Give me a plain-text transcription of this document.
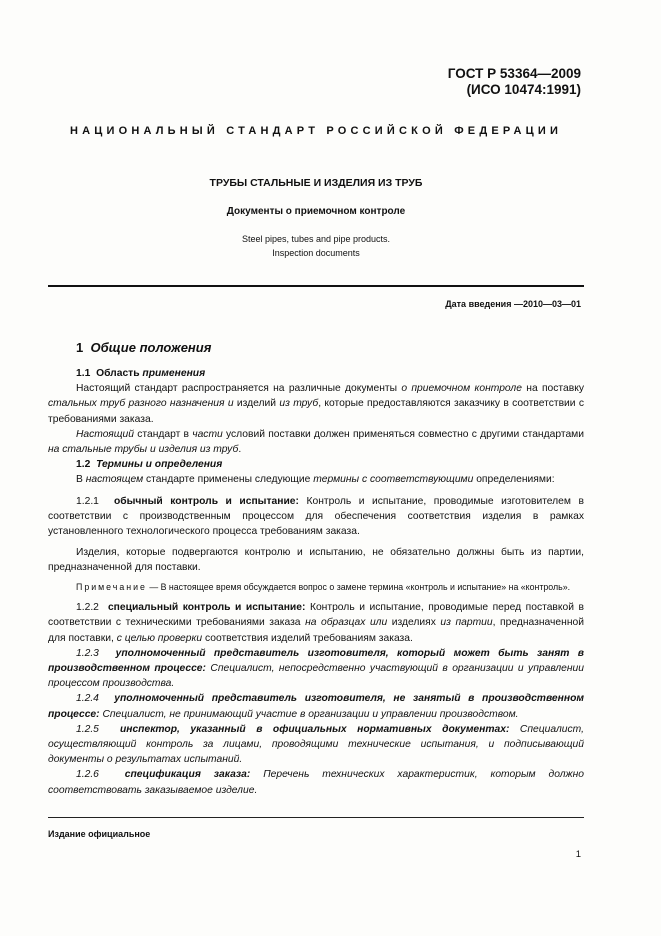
ГОСТ Р 53364—2009
(ИСО 10474:1991)
НАЦИОНАЛЬНЫЙ СТАНДАРТ РОССИЙСКОЙ ФЕДЕРАЦИИ
ТРУБЫ СТАЛЬНЫЕ И ИЗДЕЛИЯ ИЗ ТРУБ
Документы о приемочном контроле
Steel pipes, tubes and pipe products.
Inspection documents
Дата введения —2010—03—01
1 Общие положения

1.1 Область применения

Настоящий стандарт распространяется на различные документы о приемочном контроле на поставку стальных труб разного назначения и изделий из труб, которые предоставляются заказчику в соответствии с требованиями заказа.

Настоящий стандарт в части условий поставки должен применяться совместно с другими стандартами на стальные трубы и изделия из труб.

1.2 Термины и определения

В настоящем стандарте применены следующие термины с соответствующими определениями:

1.2.1 обычный контроль и испытание: Контроль и испытание, проводимые изготовителем в соответствии с производственным процессом для обеспечения соответствия изделия в рамках установленного технологического процесса требованиям заказа.

Изделия, которые подвергаются контролю и испытанию, не обязательно должны быть из партии, предназначенной для поставки.

Примечание — В настоящее время обсуждается вопрос о замене термина «контроль и испытание» на «контроль».

1.2.2 специальный контроль и испытание: Контроль и испытание, проводимые перед поставкой в соответствии с техническими требованиями заказа на образцах или изделиях из партии, предназначенной для поставки, с целью проверки соответствия изделий требованиям заказа.

1.2.3 уполномоченный представитель изготовителя, который может быть занят в производственном процессе: Специалист, непосредственно участвующий в организации и управлении процессом производства.

1.2.4 уполномоченный представитель изготовителя, не занятый в производственном процессе: Специалист, не принимающий участие в организации и управлении производством.

1.2.5 инспектор, указанный в официальных нормативных документах: Специалист, осуществляющий контроль за лицами, проводящими технические испытания, и подписывающий документы о результатах испытаний.

1.2.6	спецификация заказа: Перечень технических характеристик, которым должно соответствовать заказываемое изделие.

Издание официальное
1
